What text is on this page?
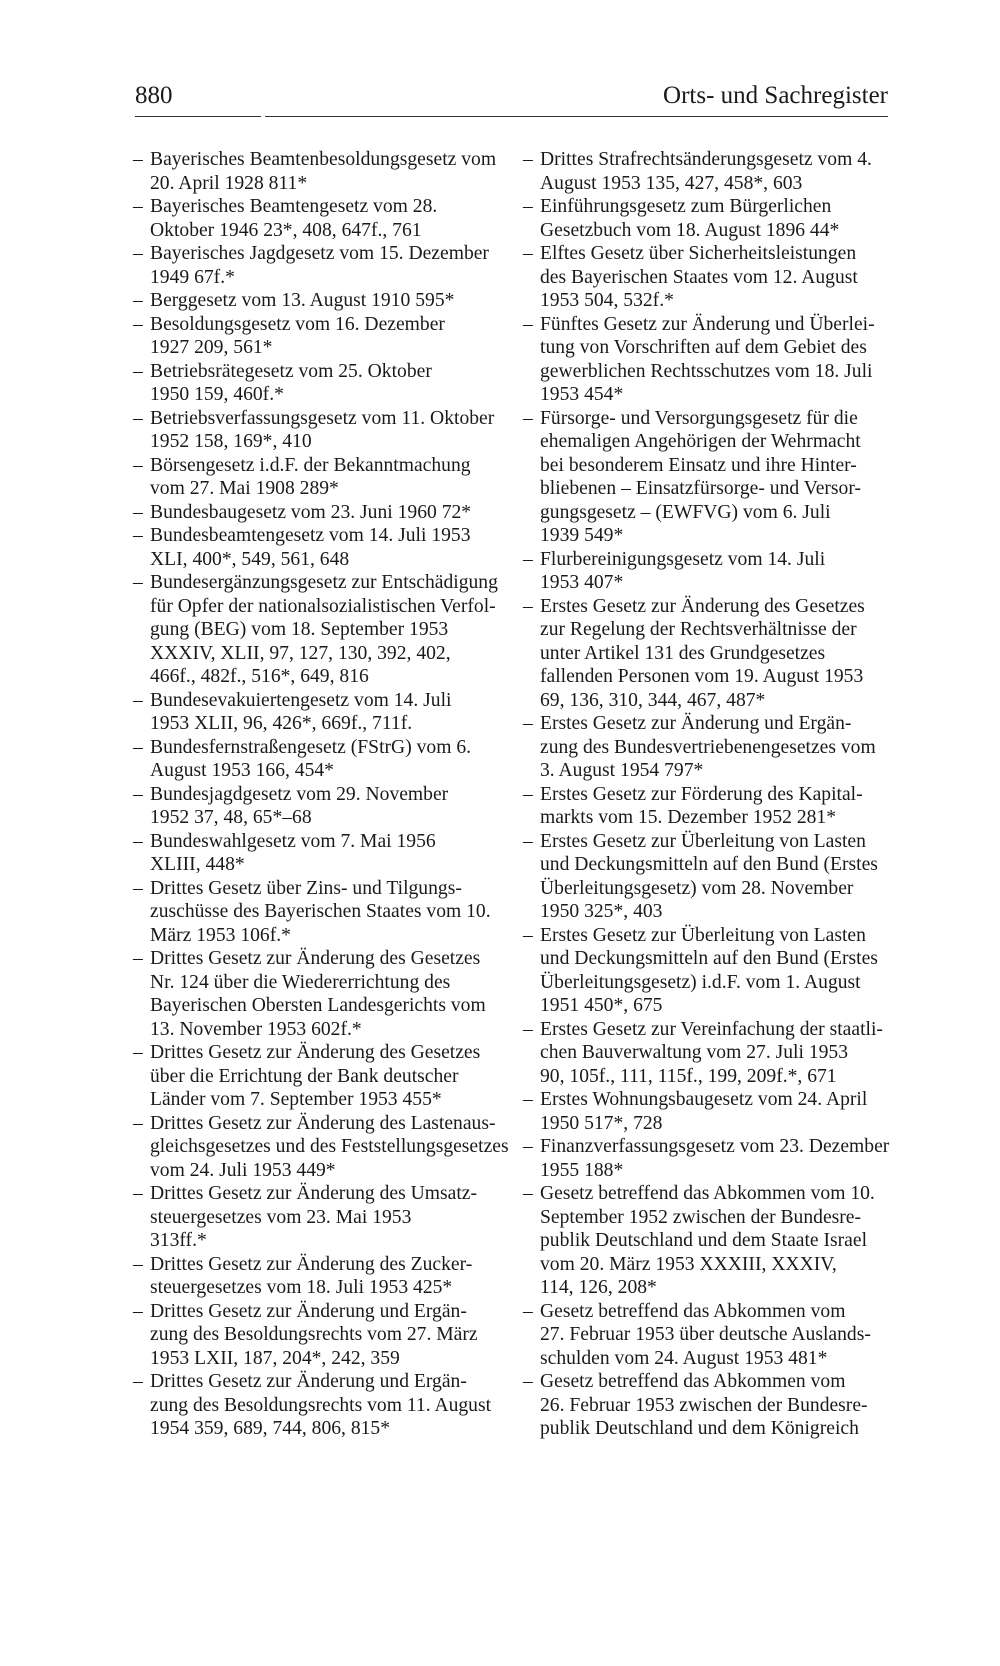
880	Orts- und Sachregister
– Bayerisches Beamtenbesoldungsgesetz vom
20. April 1928 811*
– Bayerisches Beamtengesetz vom 28.
Oktober 1946 23*, 408, 647f., 761
– Bayerisches Jagdgesetz vom 15. Dezember
1949 67f.*
– Berggesetz vom 13. August 1910 595*
– Besoldungsgesetz vom 16. Dezember
1927 209, 561*
– Betriebsrätegesetz vom 25. Oktober
1950 159, 460f.*
– Betriebsverfassungsgesetz vom 11. Oktober
1952 158, 169*, 410
– Börsengesetz i.d.F. der Bekanntmachung
vom 27. Mai 1908 289*
– Bundesbaugesetz vom 23. Juni 1960 72*
– Bundesbeamtengesetz vom 14. Juli 1953
XLI, 400*, 549, 561, 648
– Bundesergänzungsgesetz zur Entschädigung
für Opfer der nationalsozialistischen Verfol-
gung (BEG) vom 18. September 1953
XXXIV, XLII, 97, 127, 130, 392, 402,
466f., 482f., 516*, 649, 816
– Bundesevakuiertengesetz vom 14. Juli
1953 XLII, 96, 426*, 669f., 711f.
– Bundesfernstraßengesetz (FStrG) vom 6.
August 1953 166, 454*
– Bundesjagdgesetz vom 29. November
1952 37, 48, 65*–68
– Bundeswahlgesetz vom 7. Mai 1956
XLIII, 448*
– Drittes Gesetz über Zins- und Tilgungs-
zuschüsse des Bayerischen Staates vom 10.
März 1953 106f.*
– Drittes Gesetz zur Änderung des Gesetzes
Nr. 124 über die Wiedererrichtung des
Bayerischen Obersten Landesgerichts vom
13. November 1953 602f.*
– Drittes Gesetz zur Änderung des Gesetzes
über die Errichtung der Bank deutscher
Länder vom 7. September 1953 455*
– Drittes Gesetz zur Änderung des Lastenaus-
gleichsgesetzes und des Feststellungsgesetzes
vom 24. Juli 1953 449*
– Drittes Gesetz zur Änderung des Umsatz-
steuergesetzes vom 23. Mai 1953
313ff.*
– Drittes Gesetz zur Änderung des Zucker-
steuergesetzes vom 18. Juli 1953 425*
– Drittes Gesetz zur Änderung und Ergän-
zung des Besoldungsrechts vom 27. März
1953 LXII, 187, 204*, 242, 359
– Drittes Gesetz zur Änderung und Ergän-
zung des Besoldungsrechts vom 11. August
1954 359, 689, 744, 806, 815*
– Drittes Strafrechtsänderungsgesetz vom 4.
August 1953 135, 427, 458*, 603
– Einführungsgesetz zum Bürgerlichen
Gesetzbuch vom 18. August 1896 44*
– Elftes Gesetz über Sicherheitsleistungen
des Bayerischen Staates vom 12. August
1953 504, 532f.*
– Fünftes Gesetz zur Änderung und Überlei-
tung von Vorschriften auf dem Gebiet des
gewerblichen Rechtsschutzes vom 18. Juli
1953 454*
– Fürsorge- und Versorgungsgesetz für die
ehemaligen Angehörigen der Wehrmacht
bei besonderem Einsatz und ihre Hinter-
bliebenen – Einsatzfürsorge- und Versor-
gungsgesetz – (EWFVG) vom 6. Juli
1939 549*
– Flurbereinigungsgesetz vom 14. Juli
1953 407*
– Erstes Gesetz zur Änderung des Gesetzes
zur Regelung der Rechtsverhältnisse der
unter Artikel 131 des Grundgesetzes
fallenden Personen vom 19. August 1953
69, 136, 310, 344, 467, 487*
– Erstes Gesetz zur Änderung und Ergän-
zung des Bundesvertriebenengesetzes vom
3. August 1954 797*
– Erstes Gesetz zur Förderung des Kapital-
markts vom 15. Dezember 1952 281*
– Erstes Gesetz zur Überleitung von Lasten
und Deckungsmitteln auf den Bund (Erstes
Überleitungsgesetz) vom 28. November
1950 325*, 403
– Erstes Gesetz zur Überleitung von Lasten
und Deckungsmitteln auf den Bund (Erstes
Überleitungsgesetz) i.d.F. vom 1. August
1951 450*, 675
– Erstes Gesetz zur Vereinfachung der staatli-
chen Bauverwaltung vom 27. Juli 1953
90, 105f., 111, 115f., 199, 209f.*, 671
– Erstes Wohnungsbaugesetz vom 24. April
1950 517*, 728
– Finanzverfassungsgesetz vom 23. Dezember
1955 188*
– Gesetz betreffend das Abkommen vom 10.
September 1952 zwischen der Bundesre-
publik Deutschland und dem Staate Israel
vom 20. März 1953 XXXIII, XXXIV,
114, 126, 208*
– Gesetz betreffend das Abkommen vom
27. Februar 1953 über deutsche Auslands-
schulden vom 24. August 1953 481*
– Gesetz betreffend das Abkommen vom
26. Februar 1953 zwischen der Bundesre-
publik Deutschland und dem Königreich
